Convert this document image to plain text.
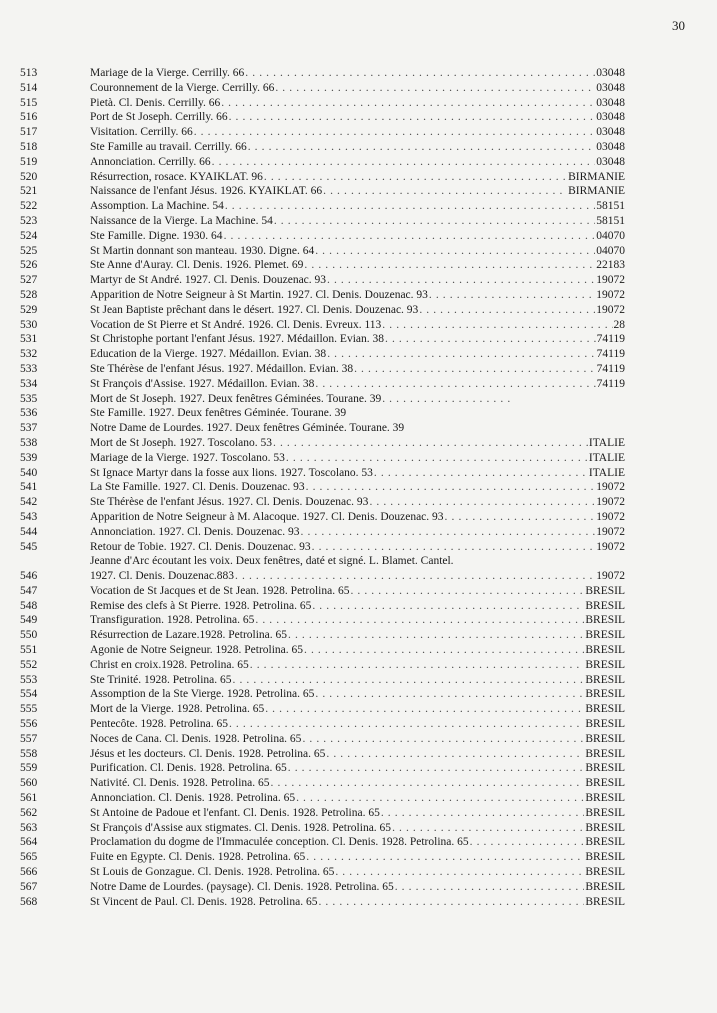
30
513	Mariage de la Vierge. Cerrilly. 66 . . .	03048
514	Couronnement de la Vierge. Cerrilly. 66 . . .	03048
515	Pietà. Cl. Denis. Cerrilly. 66 . . .	03048
516	Port de St Joseph. Cerrilly. 66 . . .	03048
517	Visitation. Cerrilly. 66 . . .	03048
518	Ste Famille au travail. Cerrilly. 66 . . .	03048
519	Annonciation. Cerrilly. 66 . . .	03048
520	Résurrection, rosace. KYAIKLAT. 96 . . .	BIRMANIE
521	Naissance de l'enfant Jésus. 1926. KYAIKLAT. 66 . . .	BIRMANIE
522	Assomption. La Machine. 54 . . .	58151
523	Naissance de la Vierge. La Machine. 54 . . .	58151
524	Ste Famille. Digne. 1930. 64 . . .	04070
525	St Martin donnant son manteau. 1930. Digne. 64 . . .	04070
526	Ste Anne d'Auray. Cl. Denis. 1926. Plemet. 69 . . .	22183
527	Martyr de St André. 1927. Cl. Denis. Douzenac. 93 . . .	19072
528	Apparition de Notre Seigneur à St Martin. 1927. Cl. Denis. Douzenac. 93 . . .	19072
529	St Jean Baptiste prêchant dans le désert. 1927. Cl. Denis. Douzenac. 93 . . .	19072
530	Vocation de St Pierre et St André. 1926. Cl. Denis. Evreux. 113 . . .	28
531	St Christophe portant l'enfant Jésus. 1927. Médaillon. Evian. 38 . . .	74119
532	Education de la Vierge. 1927. Médaillon. Evian. 38 . . .	74119
533	Ste Thérèse de l'enfant Jésus. 1927. Médaillon. Evian. 38 . . .	74119
534	St François d'Assise. 1927. Médaillon. Evian. 38 . . .	74119
535	Mort de St Joseph. 1927. Deux fenêtres Géminées. Tourane. 39
. . .
536	Ste Famille. 1927. Deux fenêtres Géminée. Tourane. 39
537	Notre Dame de Lourdes. 1927. Deux fenêtres Géminée. Tourane. 39
538	Mort de St Joseph. 1927. Toscolano. 53 . . .	ITALIE
539	Mariage de la Vierge. 1927. Toscolano. 53 . . .	ITALIE
540	St Ignace Martyr dans la fosse aux lions. 1927. Toscolano. 53 . . .	ITALIE
541	La Ste Famille. 1927. Cl. Denis. Douzenac. 93 . . .	19072
542	Ste Thérèse de l'enfant Jésus. 1927. Cl. Denis. Douzenac. 93 . . .	19072
543	Apparition de Notre Seigneur à M. Alacoque. 1927. Cl. Denis. Douzenac. 93 . . .	19072
544	Annonciation. 1927. Cl. Denis. Douzenac. 93 . . .	19072
545	Retour de Tobie. 1927. Cl. Denis. Douzenac. 93 . . .	19072
546
Jeanne d'Arc écoutant les voix. Deux fenêtres, daté et signé. L. Blamet. Cantel.
1927. Cl. Denis. Douzenac.883 . . .	19072
547	Vocation de St Jacques et de St Jean. 1928. Petrolina. 65 . . .	BRESIL
548	Remise des clefs à St Pierre. 1928. Petrolina. 65 . . .	BRESIL
549	Transfiguration. 1928. Petrolina. 65 . . .	BRESIL
550	Résurrection de Lazare.1928. Petrolina. 65 . . .	BRESIL
551	Agonie de Notre Seigneur. 1928. Petrolina. 65 . . .	BRESIL
552	Christ en croix.1928. Petrolina. 65 . . .	BRESIL
553	Ste Trinité. 1928. Petrolina. 65 . . .	BRESIL
554	Assomption de la Ste Vierge. 1928. Petrolina. 65 . . .	BRESIL
555	Mort de la Vierge. 1928. Petrolina. 65 . . .	BRESIL
556	Pentecôte. 1928. Petrolina. 65 . . .	BRESIL
557	Noces de Cana. Cl. Denis. 1928. Petrolina. 65 . . .	BRESIL
558	Jésus et les docteurs. Cl. Denis. 1928. Petrolina. 65 . . .	BRESIL
559	Purification. Cl. Denis. 1928. Petrolina. 65 . . .	BRESIL
560	Nativité. Cl. Denis. 1928. Petrolina. 65 . . .	BRESIL
561	Annonciation. Cl. Denis. 1928. Petrolina. 65 . . .	BRESIL
562	St Antoine de Padoue et l'enfant. Cl. Denis. 1928. Petrolina. 65 . . .	BRESIL
563	St François d'Assise aux stigmates. Cl. Denis. 1928. Petrolina. 65 . . .	BRESIL
564	Proclamation du dogme de l'Immaculée conception. Cl. Denis. 1928. Petrolina. 65 . . .	BRESIL
565	Fuite en Egypte. Cl. Denis. 1928. Petrolina. 65 . . .	BRESIL
566	St Louis de Gonzague. Cl. Denis. 1928. Petrolina. 65 . . .	BRESIL
567	Notre Dame de Lourdes. (paysage). Cl. Denis. 1928. Petrolina. 65 . . .	BRESIL
568	St Vincent de Paul. Cl. Denis. 1928. Petrolina. 65 . . .	BRESIL
